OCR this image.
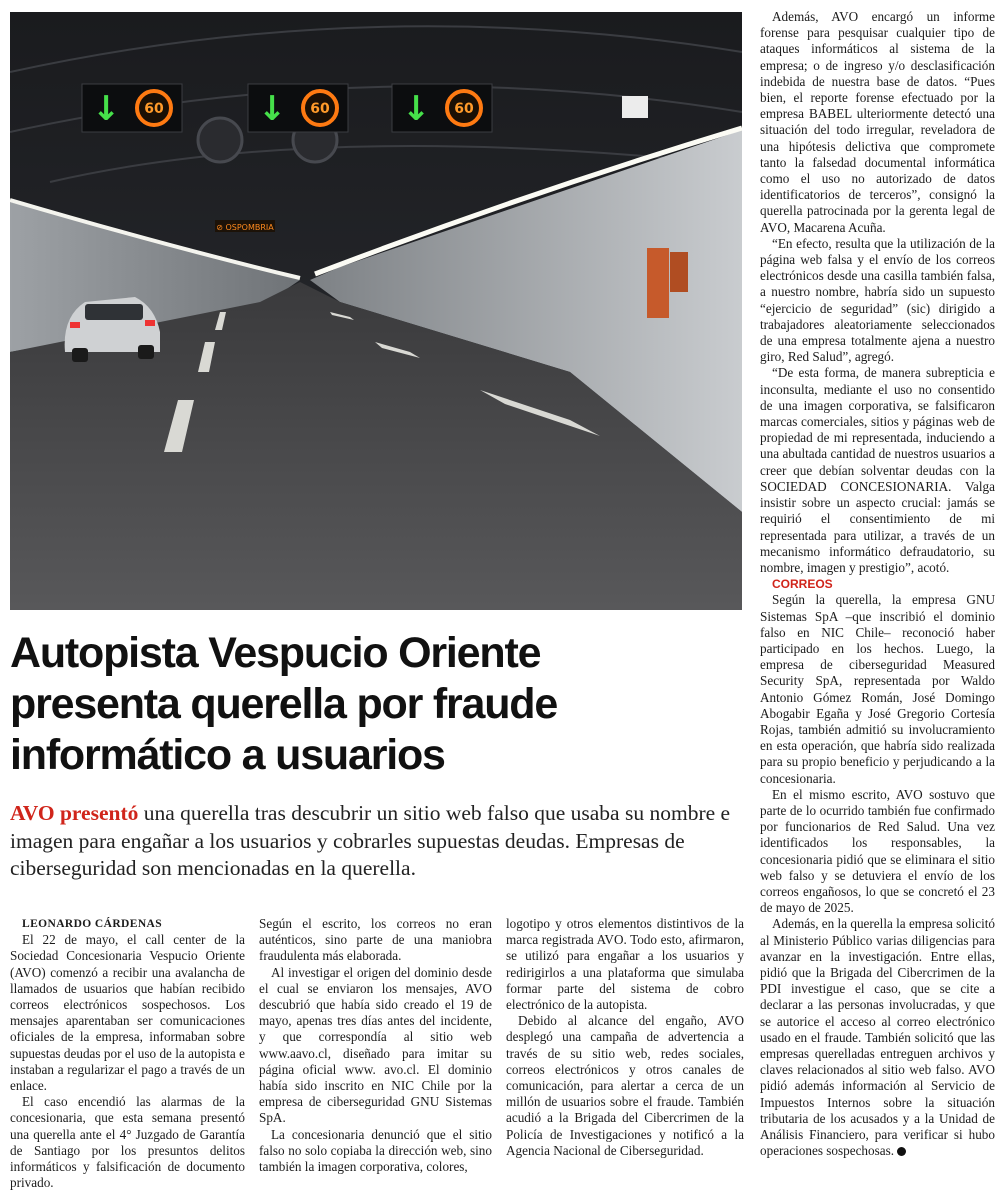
↓ 60	↓ 60 ↓ 60
⊘ OSPOMBRIA
Autopista Vespucio Oriente
presenta querella por fraude
informático a usuarios

AVO presentó una querella tras descubrir un sitio web falso que usaba su nombre e imagen para engañar a los usuarios y cobrarles supuestas deudas. Empresas de ciberseguridad son mencionadas en la querella.

LEONARDO CÁRDENAS

El 22 de mayo, el call center de la Sociedad Concesionaria Vespucio Oriente (AVO) comenzó a recibir una avalancha de llamados de usuarios que habían recibido correos electrónicos sospechosos. Los mensajes aparentaban ser comunicaciones oficiales de la empresa, informaban sobre supuestas deudas por el uso de la autopista e instaban a regularizar el pago a través de un enlace.

El caso encendió las alarmas de la concesionaria, que esta semana presentó una querella ante el 4° Juzgado de Garantía de Santiago por los presuntos delitos informáticos y falsificación de documento privado.

Según el escrito, los correos no eran auténticos, sino parte de una maniobra fraudulenta más elaborada.

Al investigar el origen del dominio desde el cual se enviaron los mensajes, AVO descubrió que había sido creado el 19 de mayo, apenas tres días antes del incidente, y que correspondía al sitio web www.aavo.cl, diseñado para imitar su página oficial www. avo.cl. El dominio había sido inscrito en NIC Chile por la empresa de ciberseguridad GNU Sistemas SpA.

La concesionaria denunció que el sitio falso no solo copiaba la dirección web, sino también la imagen corporativa, colores,

logotipo y otros elementos distintivos de la marca registrada AVO. Todo esto, afirmaron, se utilizó para engañar a los usuarios y redirigirlos a una plataforma que simulaba formar parte del sistema de cobro electrónico de la autopista.

Debido al alcance del engaño, AVO desplegó una campaña de advertencia a través de su sitio web, redes sociales, correos electrónicos y otros canales de comunicación, para alertar a cerca de un millón de usuarios sobre el fraude. También acudió a la Brigada del Cibercrimen de la Policía de Investigaciones y notificó a la Agencia Nacional de Ciberseguridad.

Además, AVO encargó un informe forense para pesquisar cualquier tipo de ataques informáticos al sistema de la empresa; o de ingreso y/o desclasificación indebida de nuestra base de datos. “Pues bien, el reporte forense efectuado por la empresa BABEL ulteriormente detectó una situación del todo irregular, reveladora de una hipótesis delictiva que compromete tanto la falsedad documental informática como el uso no autorizado de datos identificatorios de terceros”, consignó la querella patrocinada por la gerenta legal de AVO, Macarena Acuña.

“En efecto, resulta que la utilización de la página web falsa y el envío de los correos electrónicos desde una casilla también falsa, a nuestro nombre, habría sido un supuesto “ejercicio de seguridad” (sic) dirigido a trabajadores aleatoriamente seleccionados de una empresa totalmente ajena a nuestro giro, Red Salud”, agregó.

“De esta forma, de manera subrepticia e inconsulta, mediante el uso no consentido de una imagen corporativa, se falsificaron marcas comerciales, sitios y páginas web de propiedad de mi representada, induciendo a una abultada cantidad de nuestros usuarios a creer que debían solventar deudas con la SOCIEDAD CONCESIONARIA. Valga insistir sobre un aspecto crucial: jamás se requirió el consentimiento de mi representada para utilizar, a través de un mecanismo informático defraudatorio, su nombre, imagen y prestigio”, acotó.

CORREOS

Según la querella, la empresa GNU Sistemas SpA –que inscribió el dominio falso en NIC Chile– reconoció haber participado en los hechos. Luego, la empresa de ciberseguridad Measured Security SpA, representada por Waldo Antonio Gómez Román, José Domingo Abogabir Egaña y José Gregorio Cortesía Rojas, también admitió su involucramiento en esta operación, que habría sido realizada para su propio beneficio y perjudicando a la concesionaria.

En el mismo escrito, AVO sostuvo que parte de lo ocurrido también fue confirmado por funcionarios de Red Salud. Una vez identificados los responsables, la concesionaria pidió que se eliminara el sitio web falso y se detuviera el envío de los correos engañosos, lo que se concretó el 23 de mayo de 2025.

Además, en la querella la empresa solicitó al Ministerio Público varias diligencias para avanzar en la investigación. Entre ellas, pidió que la Brigada del Cibercrimen de la PDI investigue el caso, que se cite a declarar a las personas involucradas, y que se autorice el acceso al correo electrónico usado en el fraude. También solicitó que las empresas querelladas entreguen archivos y claves relacionados al sitio web falso. AVO pidió además información al Servicio de Impuestos Internos sobre la situación tributaria de los acusados y a la Unidad de Análisis Financiero, para verificar si hubo operaciones sospechosas.
